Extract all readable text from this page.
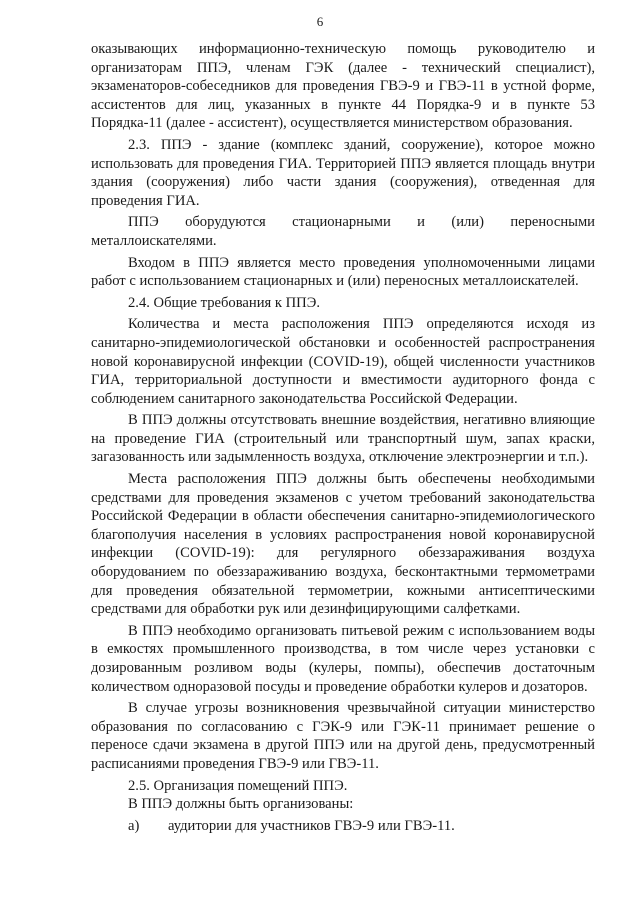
6

оказывающих информационно-техническую помощь руководителю и организаторам ППЭ, членам ГЭК (далее - технический специалист), экзаменаторов-собеседников для проведения ГВЭ-9 и ГВЭ-11 в устной форме, ассистентов для лиц, указанных в пункте 44 Порядка-9 и в пункте 53 Порядка-11 (далее - ассистент), осуществляется министерством образования.

2.3. ППЭ - здание (комплекс зданий, сооружение), которое можно использовать для проведения ГИА. Территорией ППЭ является площадь внутри здания (сооружения) либо части здания (сооружения), отведенная для проведения ГИА.

ППЭ оборудуются стационарными и (или) переносными металлоискателями.

Входом в ППЭ является место проведения уполномоченными лицами работ с использованием стационарных и (или) переносных металлоискателей.

2.4. Общие требования к ППЭ.

Количества и места расположения ППЭ определяются исходя из санитарно-эпидемиологической обстановки и особенностей распространения новой коронавирусной инфекции (COVID-19), общей численности участников ГИА, территориальной доступности и вместимости аудиторного фонда с соблюдением санитарного законодательства Российской Федерации.

В ППЭ должны отсутствовать внешние воздействия, негативно влияющие на проведение ГИА (строительный или транспортный шум, запах краски, загазованность или задымленность воздуха, отключение электроэнергии и т.п.).

Места расположения ППЭ должны быть обеспечены необходимыми средствами для проведения экзаменов с учетом требований законодательства Российской Федерации в области обеспечения санитарно-эпидемиологического благополучия населения в условиях распространения новой коронавирусной инфекции (COVID-19): для регулярного обеззараживания воздуха оборудованием по обеззараживанию воздуха, бесконтактными термометрами для проведения обязательной термометрии, кожными антисептическими средствами для обработки рук или дезинфицирующими салфетками.

В ППЭ необходимо организовать питьевой режим с использованием воды в емкостях промышленного производства, в том числе через установки с дозированным розливом воды (кулеры, помпы), обеспечив достаточным количеством одноразовой посуды и проведение обработки кулеров и дозаторов.

В случае угрозы возникновения чрезвычайной ситуации министерство образования по согласованию с ГЭК-9 или ГЭК-11 принимает решение о переносе сдачи экзамена в другой ППЭ или на другой день, предусмотренный расписаниями проведения ГВЭ-9 или ГВЭ-11.

2.5. Организация помещений ППЭ.

В ППЭ должны быть организованы:

а) аудитории для участников ГВЭ-9 или ГВЭ-11.
